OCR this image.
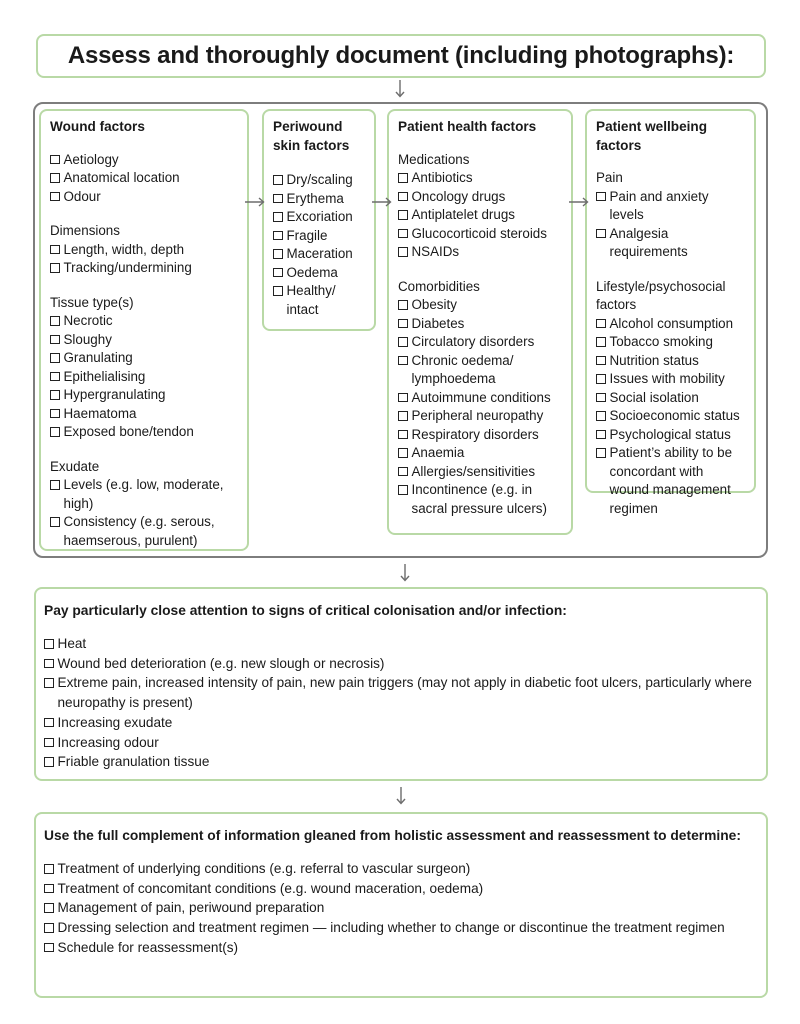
Assess and thoroughly document (including photographs):
Wound factors
Aetiology
Anatomical location
Odour
Dimensions
Length, width, depth
Tracking/undermining
Tissue type(s)
Necrotic
Sloughy
Granulating
Epithelialising
Hypergranulating
Haematoma
Exposed bone/tendon
Exudate
Levels (e.g. low, moderate, high)
Consistency (e.g. serous, haemserous, purulent)
Periwound skin factors
Dry/scaling
Erythema
Excoriation
Fragile
Maceration
Oedema
Healthy/ intact
Patient health factors
Medications
Antibiotics
Oncology drugs
Antiplatelet drugs
Glucocorticoid steroids
NSAIDs
Comorbidities
Obesity
Diabetes
Circulatory disorders
Chronic oedema/ lymphoedema
Autoimmune conditions
Peripheral neuropathy
Respiratory disorders
Anaemia
Allergies/sensitivities
Incontinence (e.g. in sacral pressure ulcers)
Patient wellbeing factors
Pain
Pain and anxiety levels
Analgesia requirements
Lifestyle/psychosocial factors
Alcohol consumption
Tobacco smoking
Nutrition status
Issues with mobility
Social isolation
Socioeconomic status
Psychological status
Patient’s ability to be concordant with wound management regimen
Pay particularly close attention to signs of critical colonisation and/or infection:
Heat
Wound bed deterioration (e.g. new slough or necrosis)
Extreme pain, increased intensity of pain, new pain triggers (may not apply in diabetic foot ulcers, particularly where neuropathy is present)
Increasing exudate
Increasing odour
Friable granulation tissue
Use the full complement of information gleaned from holistic assessment and reassessment to determine:
Treatment of underlying conditions (e.g. referral to vascular surgeon)
Treatment of concomitant conditions (e.g. wound maceration, oedema)
Management of pain, periwound preparation
Dressing selection and treatment regimen — including whether to change or discontinue the treatment regimen
Schedule for reassessment(s)
